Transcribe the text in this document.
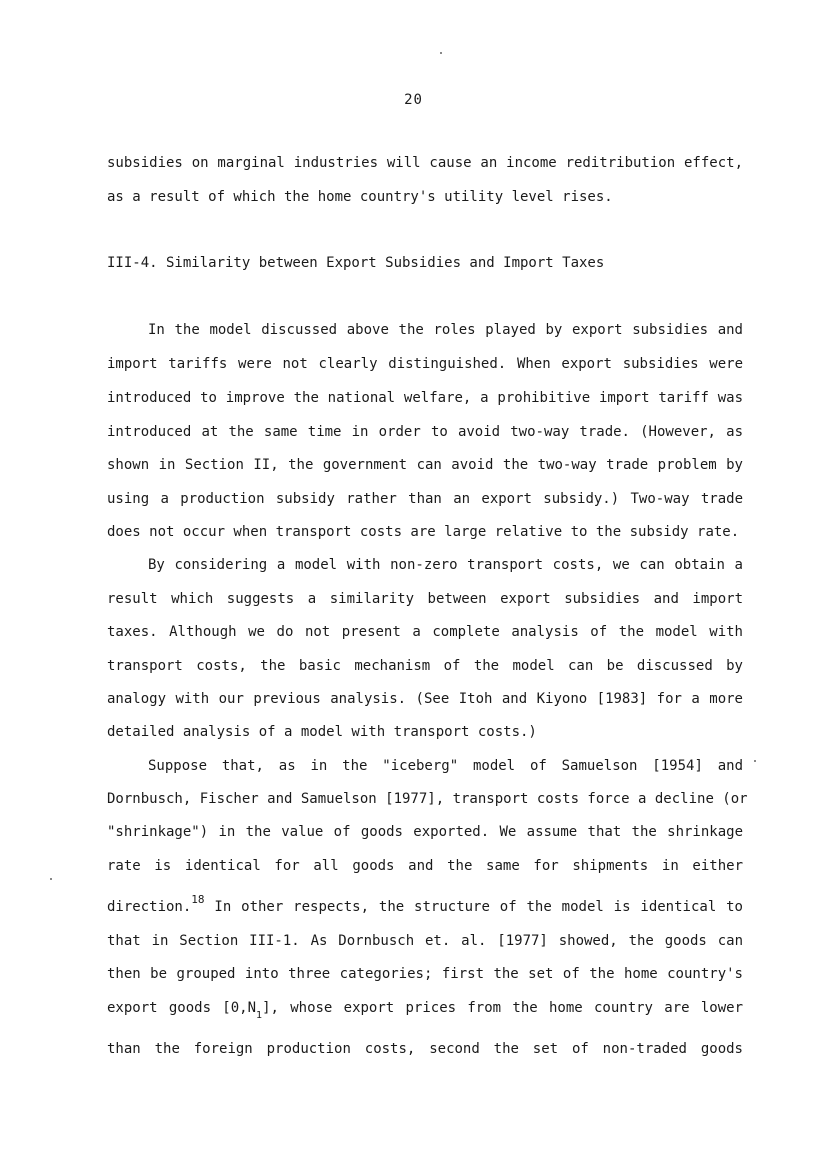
20
subsidies on marginal industries will cause an income reditribution effect,
as a result of which the home country's utility level rises.
III-4. Similarity between Export Subsidies and Import Taxes
In the model discussed above the roles played by export subsidies and
import tariffs were not clearly distinguished. When export subsidies were
introduced to improve the national welfare, a prohibitive import tariff was
introduced at the same time in order to avoid two-way trade. (However, as
shown in Section II, the government can avoid the two-way trade problem by
using a production subsidy rather than an export subsidy.) Two-way trade
does not occur when transport costs are large relative to the subsidy rate.
By considering a model with non-zero transport costs, we can obtain a
result which suggests a similarity between export subsidies and import
taxes. Although we do not present a complete analysis of the model with
transport costs, the basic mechanism of the model can be discussed by
analogy with our previous analysis. (See Itoh and Kiyono [1983] for a more
detailed analysis of a model with transport costs.)
Suppose that, as in the "iceberg" model of Samuelson [1954] and
Dornbusch, Fischer and Samuelson [1977], transport costs force a decline (or
"shrinkage") in the value of goods exported. We assume that the shrinkage
rate is identical for all goods and the same for shipments in either
direction.$^{18}$ In other respects, the structure of the model is identical to
that in Section III-1. As Dornbusch et. al. [1977] showed, the goods can
then be grouped into three categories; first the set of the home country's
export goods $[0,N_1]$, whose export prices from the home country are lower
than the foreign production costs, second the set of non-traded goods
